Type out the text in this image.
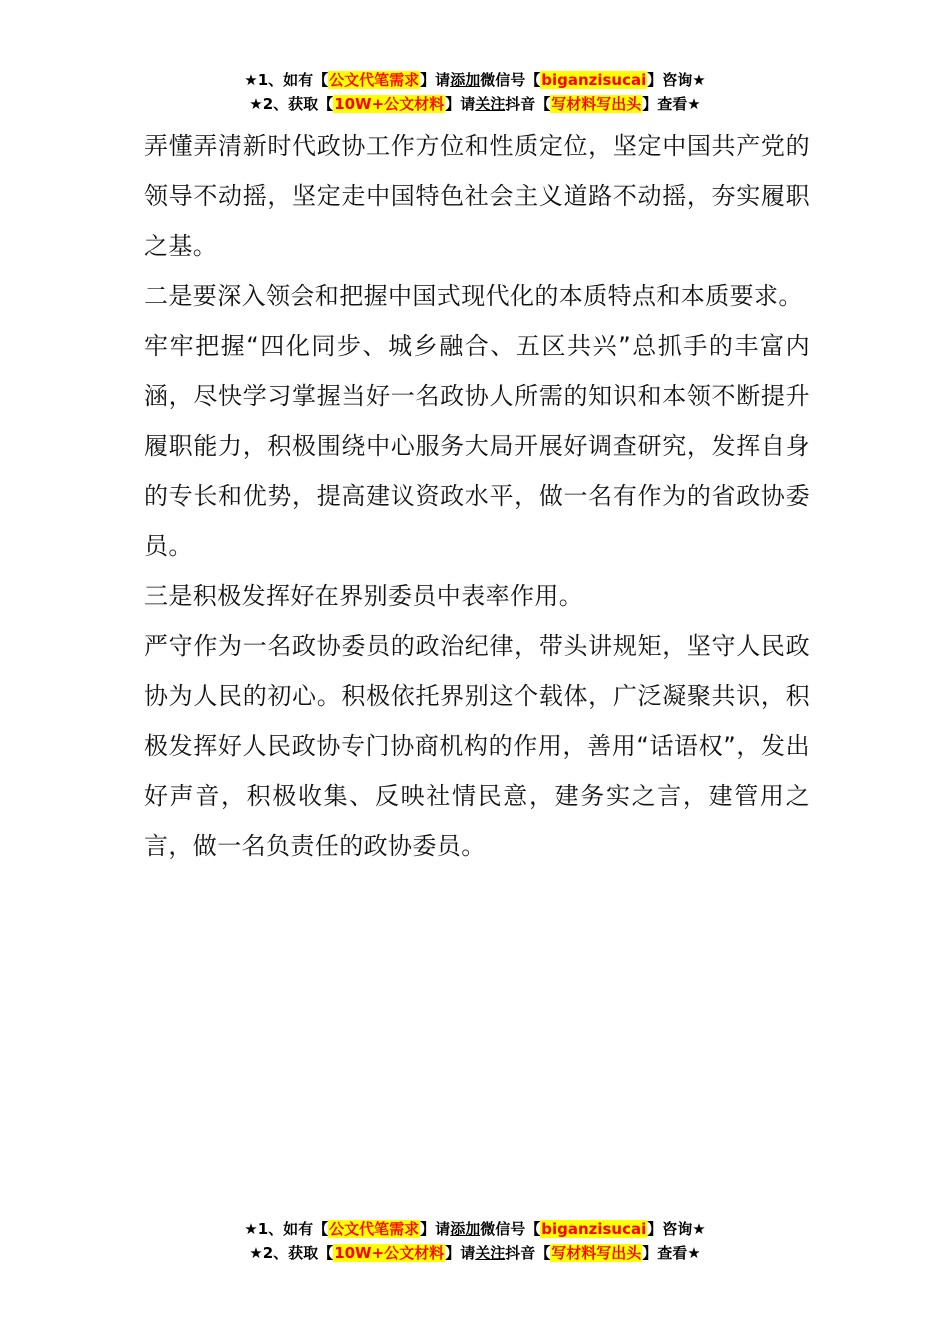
★1、如有【公文代笔需求】请添加微信号【biganzisucai】咨询★
★2、获取【10W+公文材料】请关注抖音【写材料写出头】查看★

弄懂弄清新时代政协工作方位和性质定位，坚定中国共产党的领导不动摇，坚定走中国特色社会主义道路不动摇，夯实履职之基。

二是要深入领会和把握中国式现代化的本质特点和本质要求。

牢牢把握“四化同步、城乡融合、五区共兴”总抓手的丰富内涵，尽快学习掌握当好一名政协人所需的知识和本领不断提升履职能力，积极围绕中心服务大局开展好调查研究，发挥自身的专长和优势，提高建议资政水平，做一名有作为的省政协委员。

三是积极发挥好在界别委员中表率作用。

严守作为一名政协委员的政治纪律，带头讲规矩，坚守人民政协为人民的初心。积极依托界别这个载体，广泛凝聚共识，积极发挥好人民政协专门协商机构的作用，善用“话语权”，发出好声音，积极收集、反映社情民意，建务实之言，建管用之言，做一名负责任的政协委员。

★1、如有【公文代笔需求】请添加微信号【biganzisucai】咨询★
★2、获取【10W+公文材料】请关注抖音【写材料写出头】查看★
